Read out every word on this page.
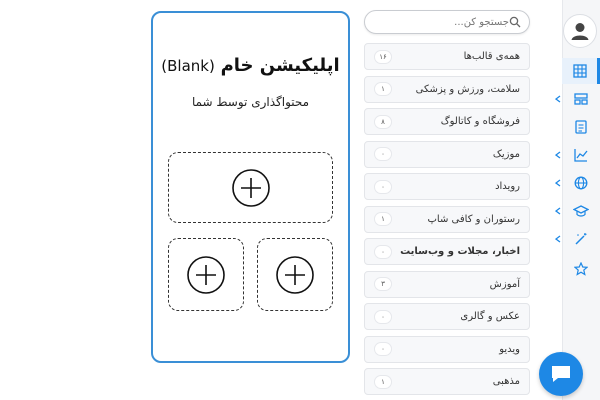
اپلیکیشن خام (Blank)
محتواگذاری توسط شما
جستجو کن...
۱۶	همه‌ی قالب‌ها
۱	سلامت، ورزش و پزشکی
۸	فروشگاه و کاتالوگ
۰	موزیک
۰	رویداد
۱	رستوران و کافی شاپ
۰	اخبار، مجلات و وب‌سایت
۳	آموزش
۰	عکس و گالری
۰	ویدیو
۱	مذهبی
